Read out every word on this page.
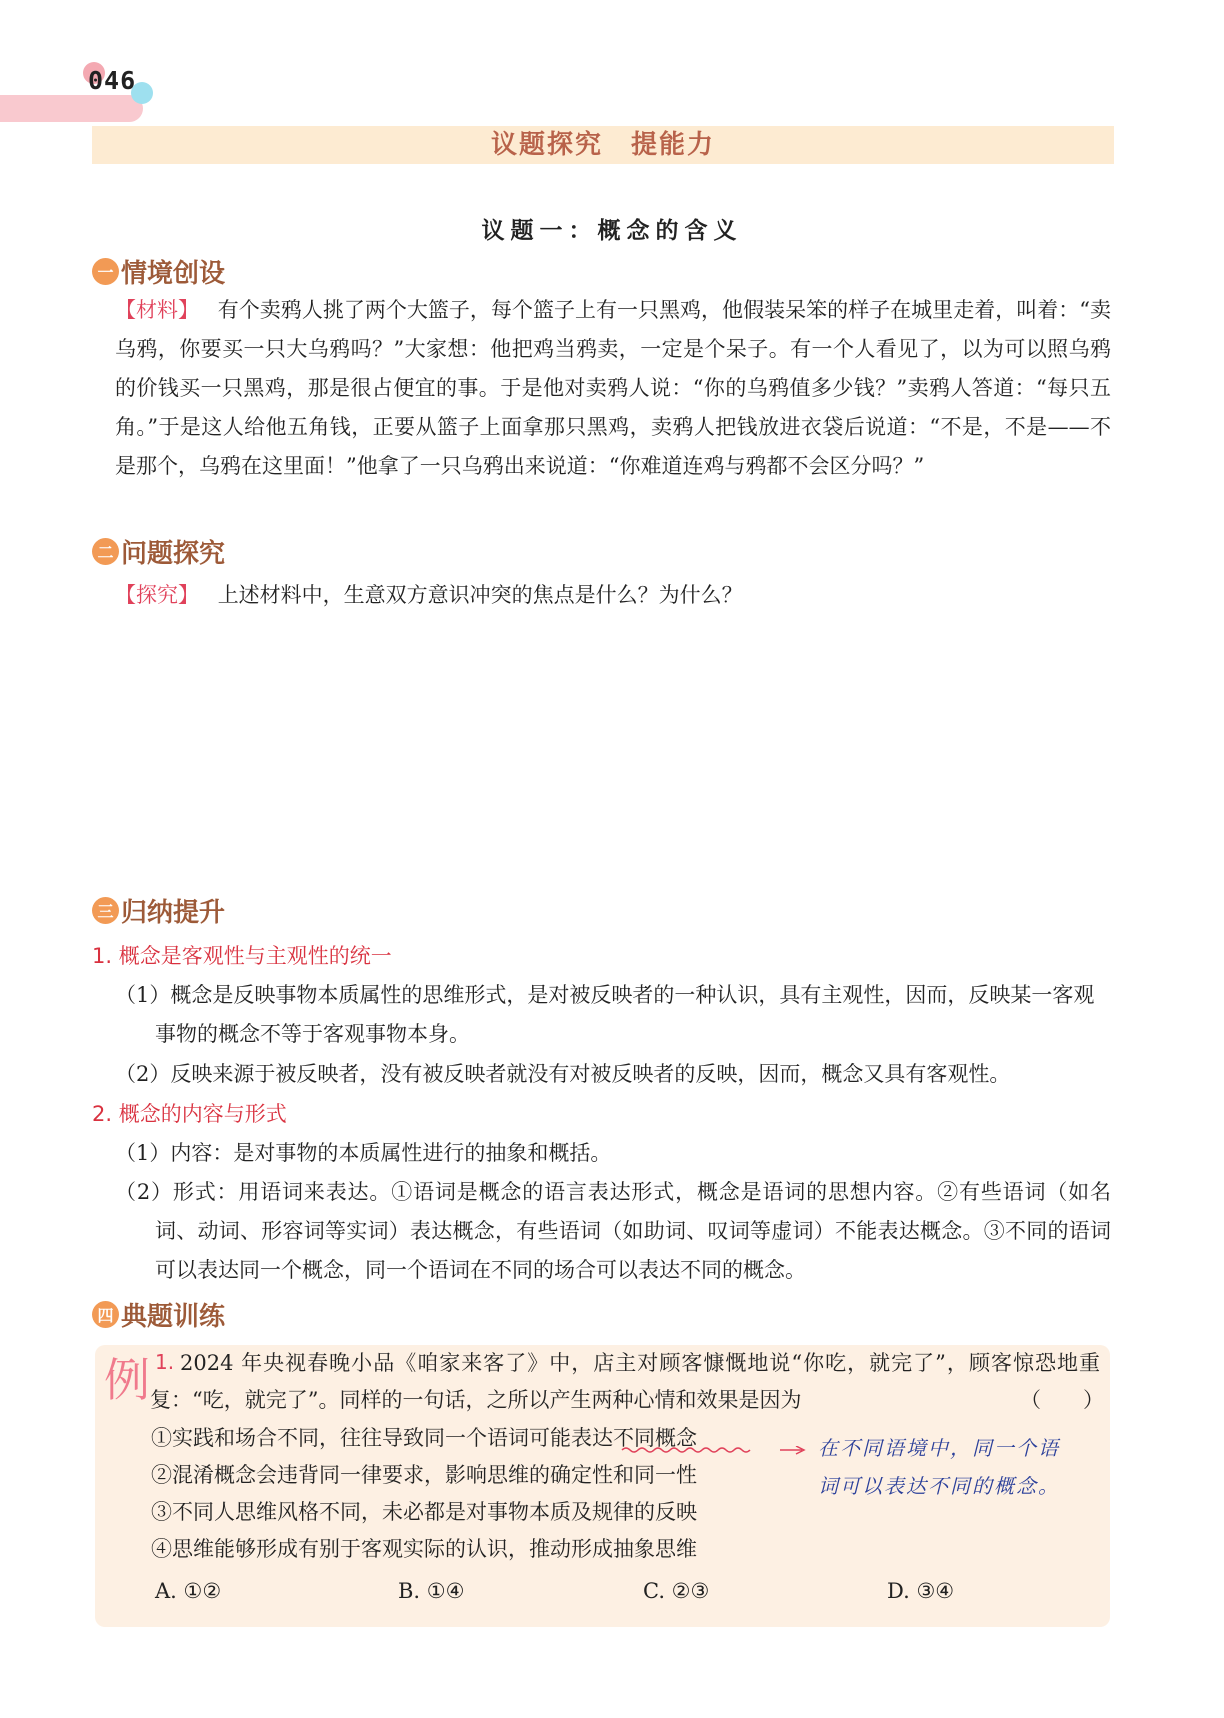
046
议题探究　提能力
议题一：概念的含义
一 情境创设
【材料】 有个卖鸦人挑了两个大篮子，每个篮子上有一只黑鸡，他假装呆笨的样子在城里走着，叫着：“卖乌鸦，你要买一只大乌鸦吗？”大家想：他把鸡当鸦卖，一定是个呆子。有一个人看见了，以为可以照乌鸦的价钱买一只黑鸡，那是很占便宜的事。于是他对卖鸦人说：“你的乌鸦值多少钱？”卖鸦人答道：“每只五角。”于是这人给他五角钱，正要从篮子上面拿那只黑鸡，卖鸦人把钱放进衣袋后说道：“不是，不是——不是那个，乌鸦在这里面！”他拿了一只乌鸦出来说道：“你难道连鸡与鸦都不会区分吗？”
二 问题探究
【探究】 上述材料中，生意双方意识冲突的焦点是什么？为什么？
三 归纳提升
1. 概念是客观性与主观性的统一
（1）概念是反映事物本质属性的思维形式，是对被反映者的一种认识，具有主观性，因而，反映某一客观事物的概念不等于客观事物本身。
（2）反映来源于被反映者，没有被反映者就没有对被反映者的反映，因而，概念又具有客观性。
2. 概念的内容与形式
（1）内容：是对事物的本质属性进行的抽象和概括。
（2）形式：用语词来表达。①语词是概念的语言表达形式，概念是语词的思想内容。②有些语词（如名词、动词、形容词等实词）表达概念，有些语词（如助词、叹词等虚词）不能表达概念。③不同的语词可以表达同一个概念，同一个语词在不同的场合可以表达不同的概念。
四 典题训练
例 1. 2024 年央视春晚小品《咱家来客了》中，店主对顾客慷慨地说“你吃，就完了”，顾客惊恐地重复：“吃，就完了”。同样的一句话，之所以产生两种心情和效果是因为	（　　）
①实践和场合不同，往往导致同一个语词可能表达不同概念
②混淆概念会违背同一律要求，影响思维的确定性和同一性
③不同人思维风格不同，未必都是对事物本质及规律的反映
④思维能够形成有别于客观实际的认识，推动形成抽象思维
在不同语境中，同一个语
词可以表达不同的概念。
A. ①②	B. ①④	C. ②③	D. ③④
